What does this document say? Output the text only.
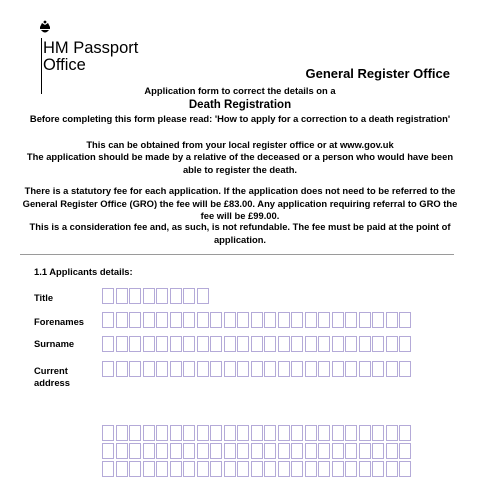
HM Passport
Office	General Register Office
Application form to correct the details on a
Death Registration
Before completing this form please read: 'How to apply for a correction to a death registration'
This can be obtained from your local register office or at www.gov.uk
The application should be made by a relative of the deceased or a person who would have been able to register the death.
There is a statutory fee for each application. If the application does not need to be referred to the General Register Office (GRO) the fee will be £83.00. Any application requiring referral to GRO the fee will be £99.00.
This is a consideration fee and, as such, is not refundable. The fee must be paid at the point of application.
1.1 Applicants details:
Title
Forenames
Surname
Current address
